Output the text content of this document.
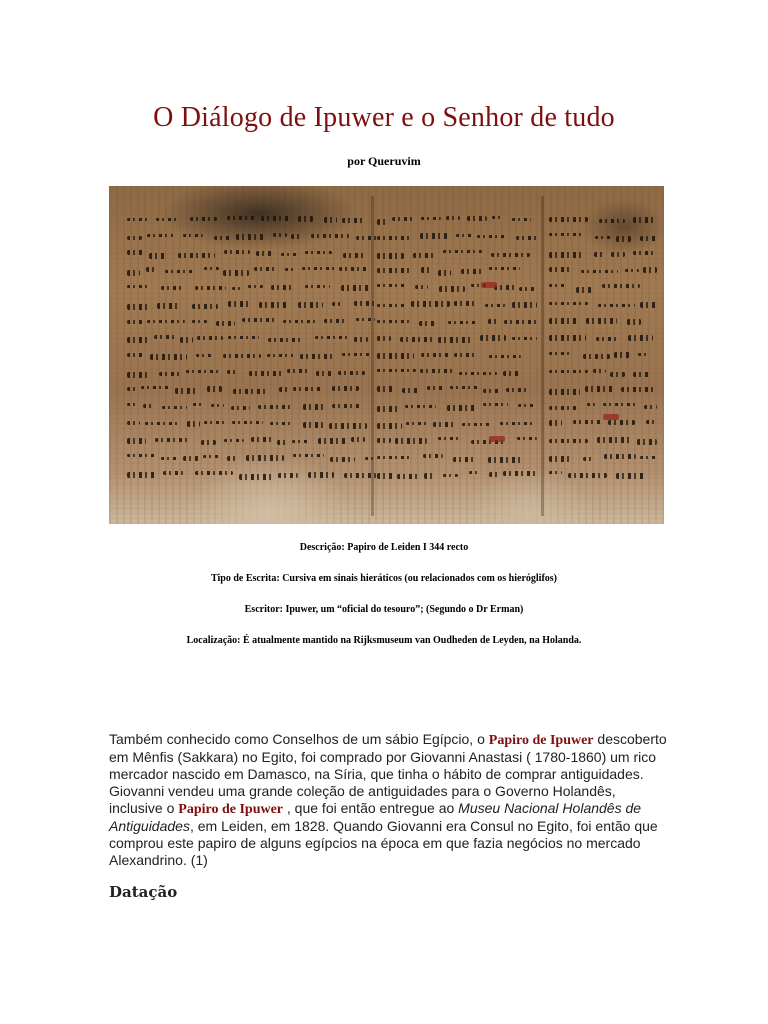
O Diálogo de Ipuwer e o Senhor de tudo
por Queruvim
Descrição: Papiro de Leiden I 344 recto
Tipo de Escrita: Cursiva em sinais hieráticos (ou relacionados com os hieróglifos)
Escritor: Ipuwer, um “oficial do tesouro”; (Segundo o Dr Erman)
Localização: É atualmente mantido na Rijksmuseum van Oudheden de Leyden, na Holanda.
Também conhecido como Conselhos de um sábio Egípcio, o Papiro de Ipuwer descoberto em Mênfis (Sakkara) no Egito, foi comprado por Giovanni Anastasi ( 1780-1860) um rico mercador nascido em Damasco, na Síria, que tinha o hábito de comprar antiguidades. Giovanni vendeu uma grande coleção de antiguidades para o Governo Holandês, inclusive o Papiro de Ipuwer , que foi então entregue ao Museu Nacional Holandês de Antiguidades, em Leiden, em 1828. Quando Giovanni era Consul no Egito, foi então que comprou este papiro de alguns egípcios na época em que fazia negócios no mercado Alexandrino. (1)
Datação
